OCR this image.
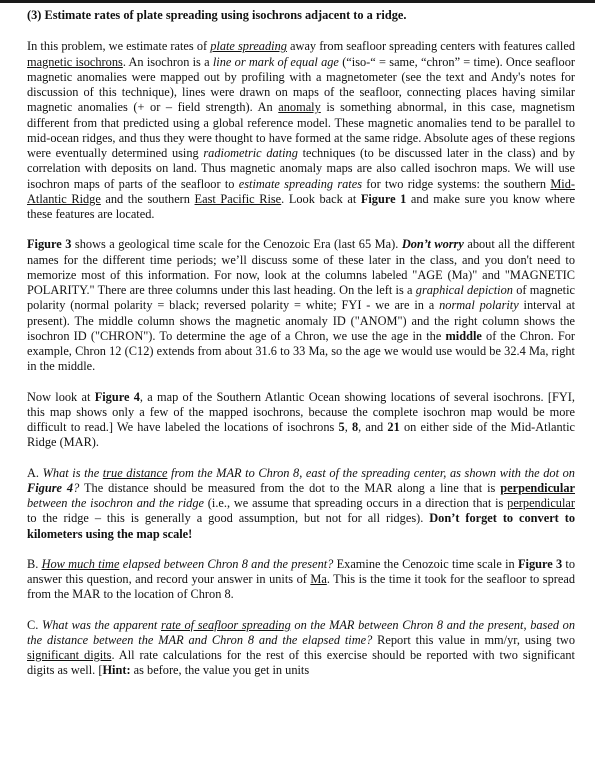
(3) Estimate rates of plate spreading using isochrons adjacent to a ridge.

In this problem, we estimate rates of plate spreading away from seafloor spreading centers with features called magnetic isochrons. An isochron is a line or mark of equal age (“iso-“ = same, “chron” = time). Once seafloor magnetic anomalies were mapped out by profiling with a magnetometer (see the text and Andy's notes for discussion of this technique), lines were drawn on maps of the seafloor, connecting places having similar magnetic anomalies (+ or – field strength). An anomaly is something abnormal, in this case, magnetism different from that predicted using a global reference model. These magnetic anomalies tend to be parallel to mid-ocean ridges, and thus they were thought to have formed at the same ridge. Absolute ages of these regions were eventually determined using radiometric dating techniques (to be discussed later in the class) and by correlation with deposits on land. Thus magnetic anomaly maps are also called isochron maps. We will use isochron maps of parts of the seafloor to estimate spreading rates for two ridge systems: the southern Mid-Atlantic Ridge and the southern East Pacific Rise. Look back at Figure 1 and make sure you know where these features are located.

Figure 3 shows a geological time scale for the Cenozoic Era (last 65 Ma). Don’t worry about all the different names for the different time periods; we’ll discuss some of these later in the class, and you don't need to memorize most of this information. For now, look at the columns labeled "AGE (Ma)" and "MAGNETIC POLARITY." There are three columns under this last heading. On the left is a graphical depiction of magnetic polarity (normal polarity = black; reversed polarity = white; FYI - we are in a normal polarity interval at present). The middle column shows the magnetic anomaly ID ("ANOM") and the right column shows the isochron ID ("CHRON"). To determine the age of a Chron, we use the age in the middle of the Chron. For example, Chron 12 (C12) extends from about 31.6 to 33 Ma, so the age we would use would be 32.4 Ma, right in the middle.

Now look at Figure 4, a map of the Southern Atlantic Ocean showing locations of several isochrons. [FYI, this map shows only a few of the mapped isochrons, because the complete isochron map would be more difficult to read.] We have labeled the locations of isochrons 5, 8, and 21 on either side of the Mid-Atlantic Ridge (MAR).

A. What is the true distance from the MAR to Chron 8, east of the spreading center, as shown with the dot on Figure 4? The distance should be measured from the dot to the MAR along a line that is perpendicular between the isochron and the ridge (i.e., we assume that spreading occurs in a direction that is perpendicular to the ridge – this is generally a good assumption, but not for all ridges). Don’t forget to convert to kilometers using the map scale!

B. How much time elapsed between Chron 8 and the present? Examine the Cenozoic time scale in Figure 3 to answer this question, and record your answer in units of Ma. This is the time it took for the seafloor to spread from the MAR to the location of Chron 8.

C. What was the apparent rate of seafloor spreading on the MAR between Chron 8 and the present, based on the distance between the MAR and Chron 8 and the elapsed time? Report this value in mm/yr, using two significant digits. All rate calculations for the rest of this exercise should be reported with two significant digits as well. [Hint: as before, the value you get in units
